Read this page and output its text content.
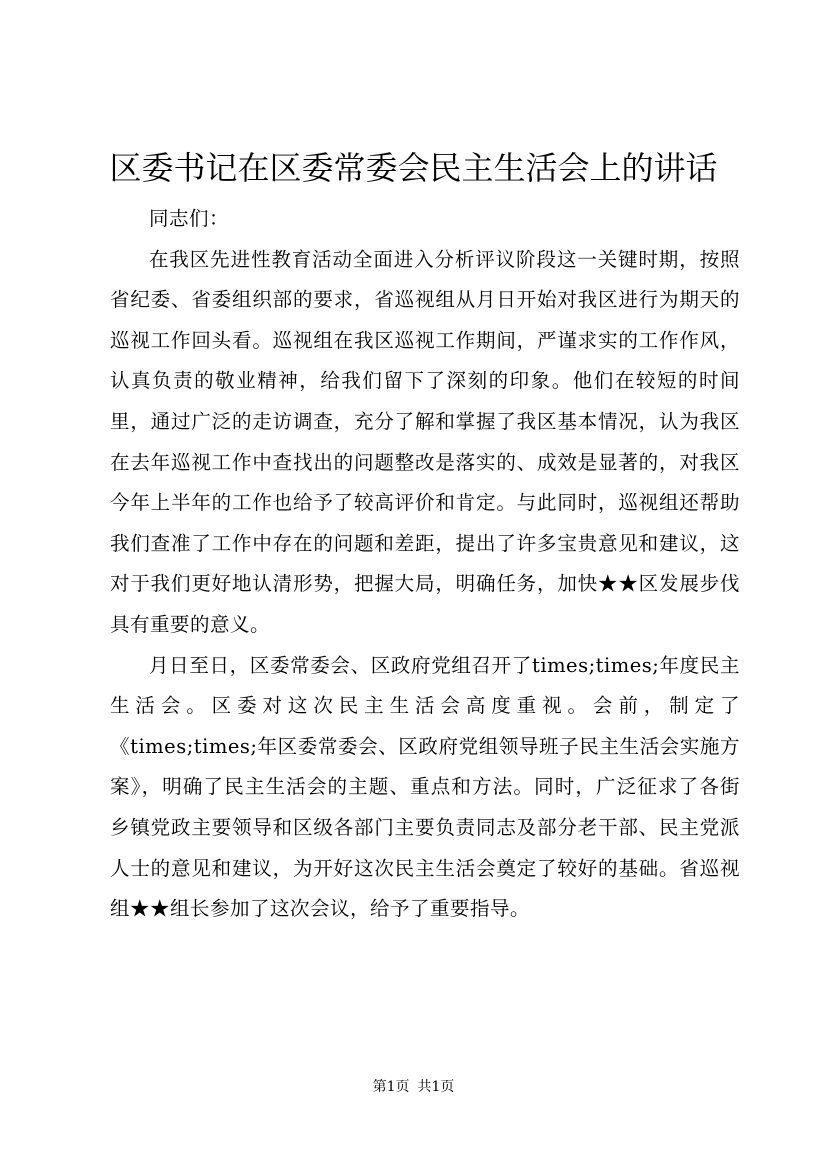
区委书记在区委常委会民主生活会上的讲话

同志们：

在我区先进性教育活动全面进入分析评议阶段这一关键时期，按照省纪委、省委组织部的要求，省巡视组从月日开始对我区进行为期天的巡视工作回头看。巡视组在我区巡视工作期间，严谨求实的工作作风，认真负责的敬业精神，给我们留下了深刻的印象。他们在较短的时间里，通过广泛的走访调查，充分了解和掌握了我区基本情况，认为我区在去年巡视工作中查找出的问题整改是落实的、成效是显著的，对我区今年上半年的工作也给予了较高评价和肯定。与此同时，巡视组还帮助我们查准了工作中存在的问题和差距，提出了许多宝贵意见和建议，这对于我们更好地认清形势，把握大局，明确任务，加快★★区发展步伐具有重要的意义。

月日至日，区委常委会、区政府党组召开了times;times;年度民主生活会。区委对这次民主生活会高度重视。会前，制定了《times;times;年区委常委会、区政府党组领导班子民主生活会实施方案》，明确了民主生活会的主题、重点和方法。同时，广泛征求了各街乡镇党政主要领导和区级各部门主要负责同志及部分老干部、民主党派人士的意见和建议，为开好这次民主生活会奠定了较好的基础。省巡视组★★组长参加了这次会议，给予了重要指导。

第1页 共1页
